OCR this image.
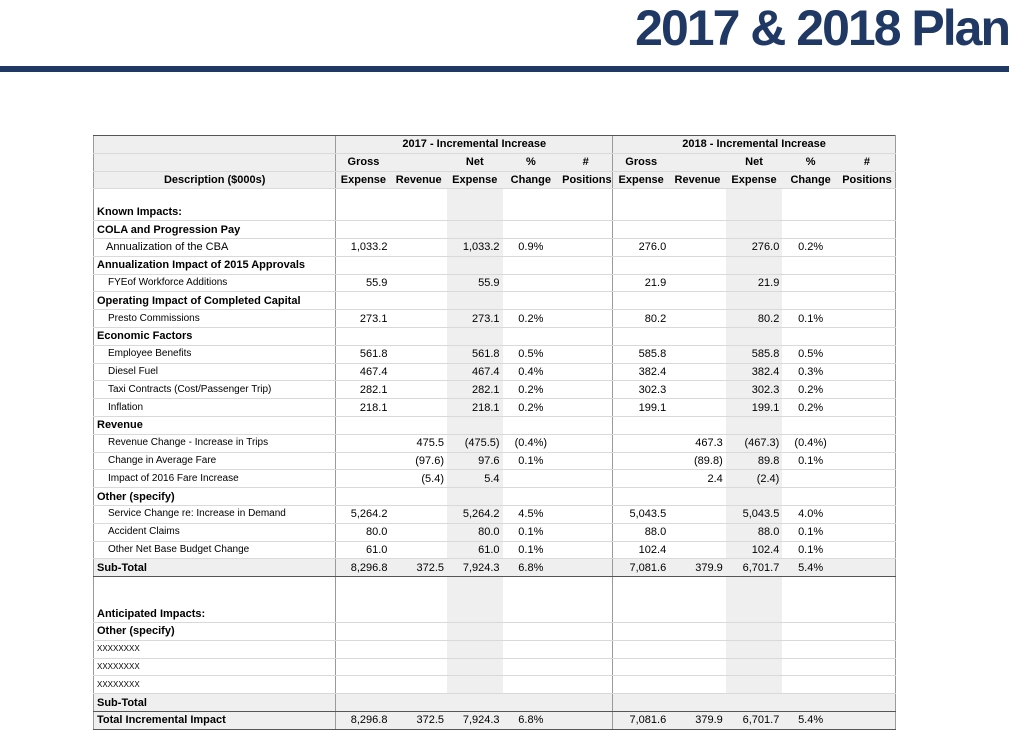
2017 & 2018 Plan
	2017 - Incremental Increase					2018 - Incremental Increase				
	Gross		Net	%	#	Gross		Net	%	#
Description ($000s)	Expense	Revenue	Expense	Change	Positions	Expense	Revenue	Expense	Change	Positions

Known Impacts:										
COLA and Progression Pay										
Annualization of the CBA	1,033.2		1,033.2	0.9%		276.0		276.0	0.2%	
Annualization Impact of 2015 Approvals										
FYEof Workforce Additions	55.9		55.9			21.9		21.9		
Operating Impact of Completed Capital										
Presto Commissions	273.1		273.1	0.2%		80.2		80.2	0.1%	
Economic Factors										
Employee Benefits	561.8		561.8	0.5%		585.8		585.8	0.5%	
Diesel Fuel	467.4		467.4	0.4%		382.4		382.4	0.3%	
Taxi Contracts (Cost/Passenger Trip)	282.1		282.1	0.2%		302.3		302.3	0.2%	
Inflation	218.1		218.1	0.2%		199.1		199.1	0.2%	
Revenue										
Revenue Change - Increase in Trips		475.5	(475.5)	(0.4%)			467.3	(467.3)	(0.4%)	
Change in Average Fare		(97.6)	97.6	0.1%			(89.8)	89.8	0.1%	
Impact of 2016 Fare Increase		(5.4)	5.4				2.4	(2.4)		
Other (specify)										
Service Change re: Increase in Demand	5,264.2		5,264.2	4.5%		5,043.5		5,043.5	4.0%	
Accident Claims	80.0		80.0	0.1%		88.0		88.0	0.1%	
Other Net Base Budget Change	61.0		61.0	0.1%		102.4		102.4	0.1%	
Sub-Total	8,296.8	372.5	7,924.3	6.8%		7,081.6	379.9	6,701.7	5.4%	

Anticipated Impacts:										
Other (specify)										
XXXXXXXX										
XXXXXXXX										
XXXXXXXX										
Sub-Total										
Total Incremental Impact	8,296.8	372.5	7,924.3	6.8%		7,081.6	379.9	6,701.7	5.4%	
